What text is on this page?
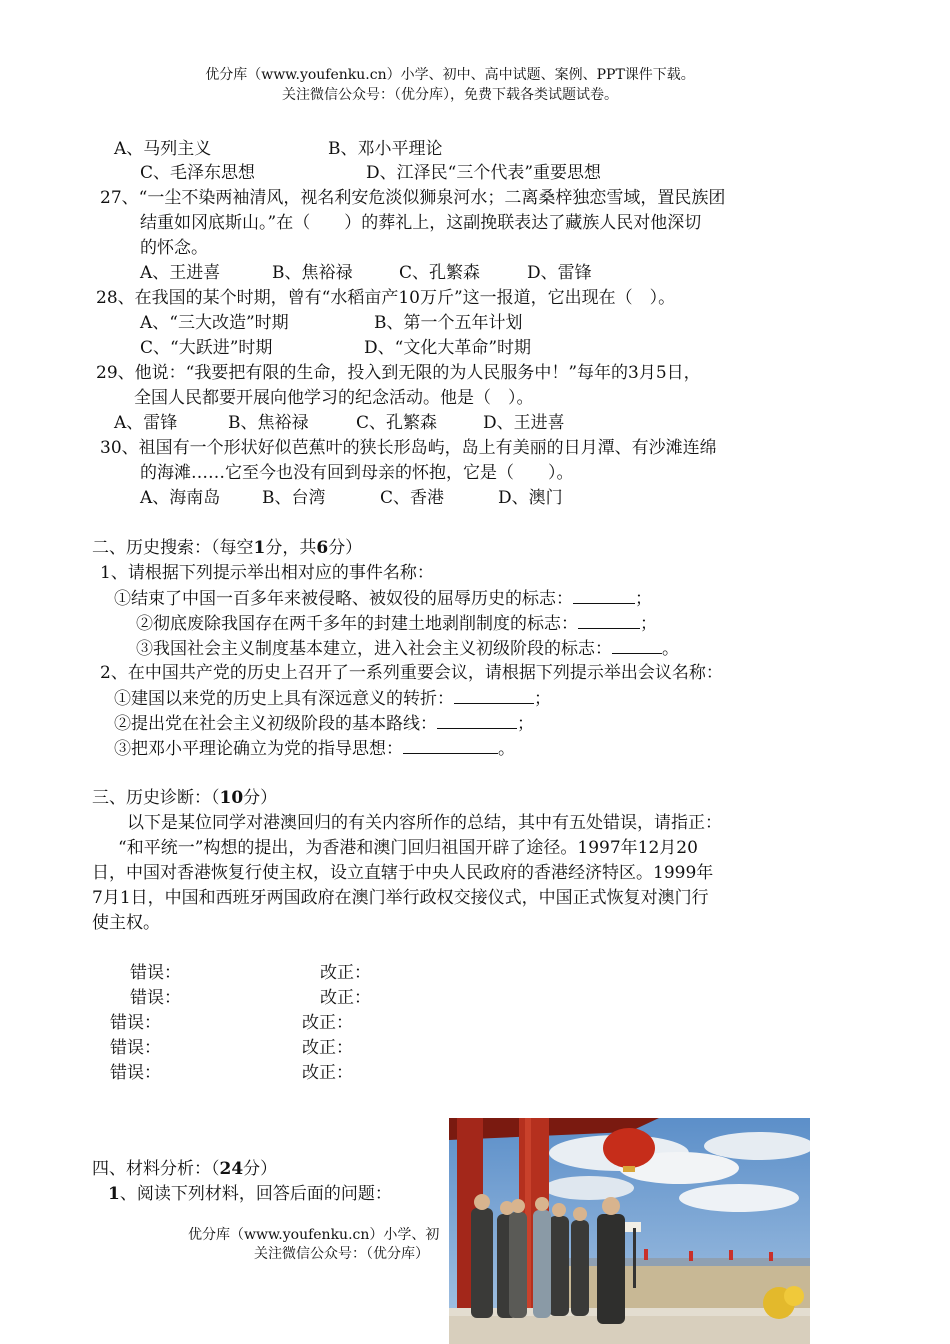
优分库（www.youfenku.cn）小学、初中、高中试题、案例、PPT课件下载。
关注微信公众号：（优分库），免费下载各类试题试卷。
A、马列主义	B、邓小平理论
C、毛泽东思想	D、江泽民“三个代表”重要思想
27、“一尘不染两袖清风，视名利安危淡似狮泉河水；二离桑梓独恋雪域，置民族团
结重如冈底斯山。”在（　　）的葬礼上，这副挽联表达了藏族人民对他深切
的怀念。
A、王进喜	B、焦裕禄	C、孔繁森	D、雷锋
28、在我国的某个时期，曾有“水稻亩产10万斤”这一报道，它出现在（　）。
A、“三大改造”时期	B、第一个五年计划
C、“大跃进”时期	D、“文化大革命”时期
29、他说：“我要把有限的生命，投入到无限的为人民服务中！”每年的3月5日，
全国人民都要开展向他学习的纪念活动。他是（　）。
A、雷锋	B、焦裕禄	C、孔繁森	D、王进喜
30、祖国有一个形状好似芭蕉叶的狭长形岛屿，岛上有美丽的日月潭、有沙滩连绵
的海滩……它至今也没有回到母亲的怀抱，它是（　　）。
A、海南岛 B、台湾	C、香港	D、澳门
二、历史搜索：（每空1分，共6分）
1、请根据下列提示举出相对应的事件名称：
①结束了中国一百多年来被侵略、被奴役的屈辱历史的标志：	；
②彻底废除我国存在两千多年的封建土地剥削制度的标志：	；
③我国社会主义制度基本建立，进入社会主义初级阶段的标志：	。
2、在中国共产党的历史上召开了一系列重要会议，请根据下列提示举出会议名称：
①建国以来党的历史上具有深远意义的转折：	；
②提出党在社会主义初级阶段的基本路线：	；
③把邓小平理论确立为党的指导思想：	。
三、历史诊断：（10分）
以下是某位同学对港澳回归的有关内容所作的总结，其中有五处错误，请指正：
“和平统一”构想的提出，为香港和澳门回归祖国开辟了途径。1997年12月20
日，中国对香港恢复行使主权，设立直辖于中央人民政府的香港经济特区。1999年
7月1日，中国和西班牙两国政府在澳门举行政权交接仪式，中国正式恢复对澳门行
使主权。
错误：	改正：
错误：	改正：
错误：	改正：
错误：	改正：
错误：	改正：
四、材料分析：（24分）
1、阅读下列材料，回答后面的问题：
优分库（www.youfenku.cn）小学、初
关注微信公众号：（优分库）
